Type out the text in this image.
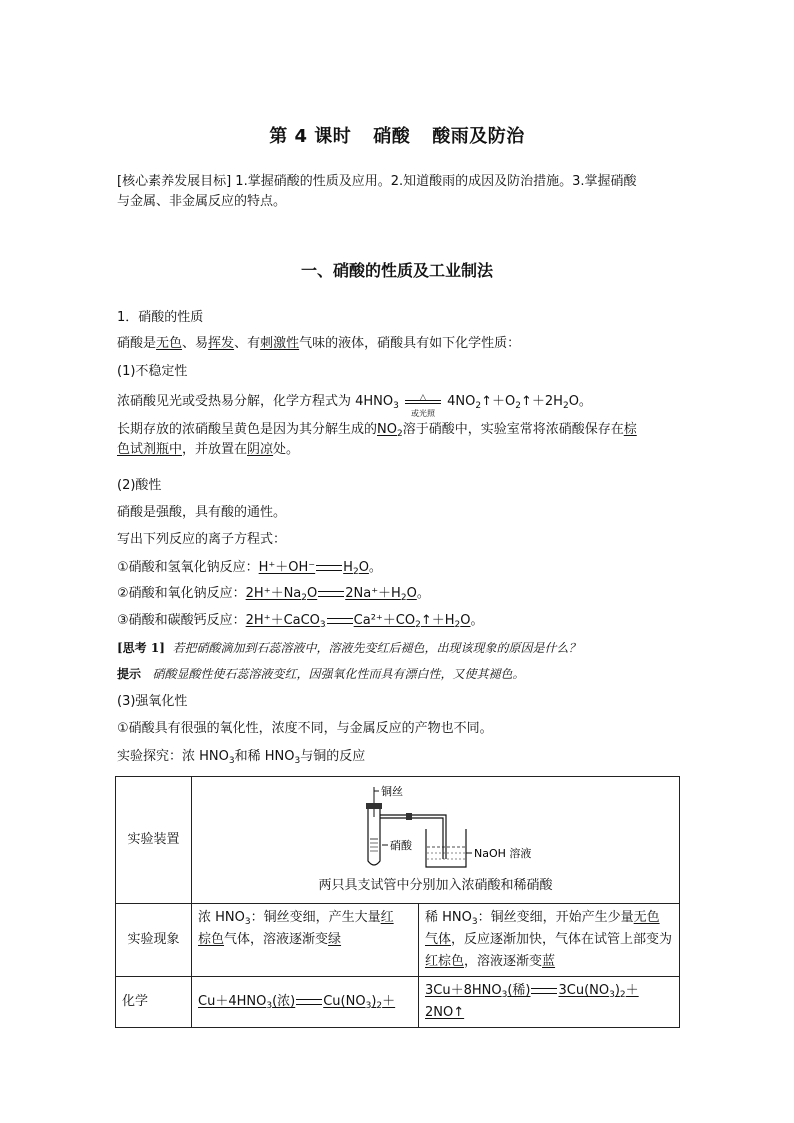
第 4 课时 硝酸 酸雨及防治
[核心素养发展目标] 1.掌握硝酸的性质及应用。2.知道酸雨的成因及防治措施。3.掌握硝酸
与金属、非金属反应的特点。
一、硝酸的性质及工业制法
1．硝酸的性质
硝酸是无色、易挥发、有刺激性气味的液体，硝酸具有如下化学性质：
(1)不稳定性
浓硝酸见光或受热易分解，化学方程式为 $4HNO_3$
△
或光照
$4NO_2↑+O_2↑+2H_2O$。
长期存放的浓硝酸呈黄色是因为其分解生成的$NO_2$溶于硝酸中，实验室常将浓硝酸保存在棕
色试剂瓶中，并放置在阴凉处。
(2)酸性
硝酸是强酸，具有酸的通性。
写出下列反应的离子方程式：
①硝酸和氢氧化钠反应：H⁺＋OH⁻ $H_2O$。
②硝酸和氧化钠反应：$2H^++Na_2O$ $2Na^++H_2O$。
③硝酸和碳酸钙反应：2H⁺＋CaCO$_3$ $Ca^{2+}+CO_2↑+H_2O$。
[思考 1] 若把硝酸滴加到石蕊溶液中，溶液先变红后褪色，出现该现象的原因是什么？
提示 硝酸显酸性使石蕊溶液变红，因强氧化性而具有漂白性，又使其褪色。
(3)强氧化性
①硝酸具有很强的氧化性，浓度不同，与金属反应的产物也不同。
实验探究：浓 $HNO_3$和稀 $HNO_3$与铜的反应
实验装置	铜丝
硝酸
NaOH 溶液
两只具支试管中分别加入浓硝酸和稀硝酸	

实验现象	浓 $HNO_3$：铜丝变细，产生大量红
棕色气体，溶液逐渐变绿	稀 $HNO_3$：铜丝变细，开始产生少量无色
气体，反应逐渐加快，气体在试管上部变为红棕色，溶液逐渐变蓝
化学	$Cu+4HNO_3$(浓) $Cu(NO_3)_2+$	$3Cu+8HNO_3$(稀) $3Cu(NO_3)_2+2NO↑$
